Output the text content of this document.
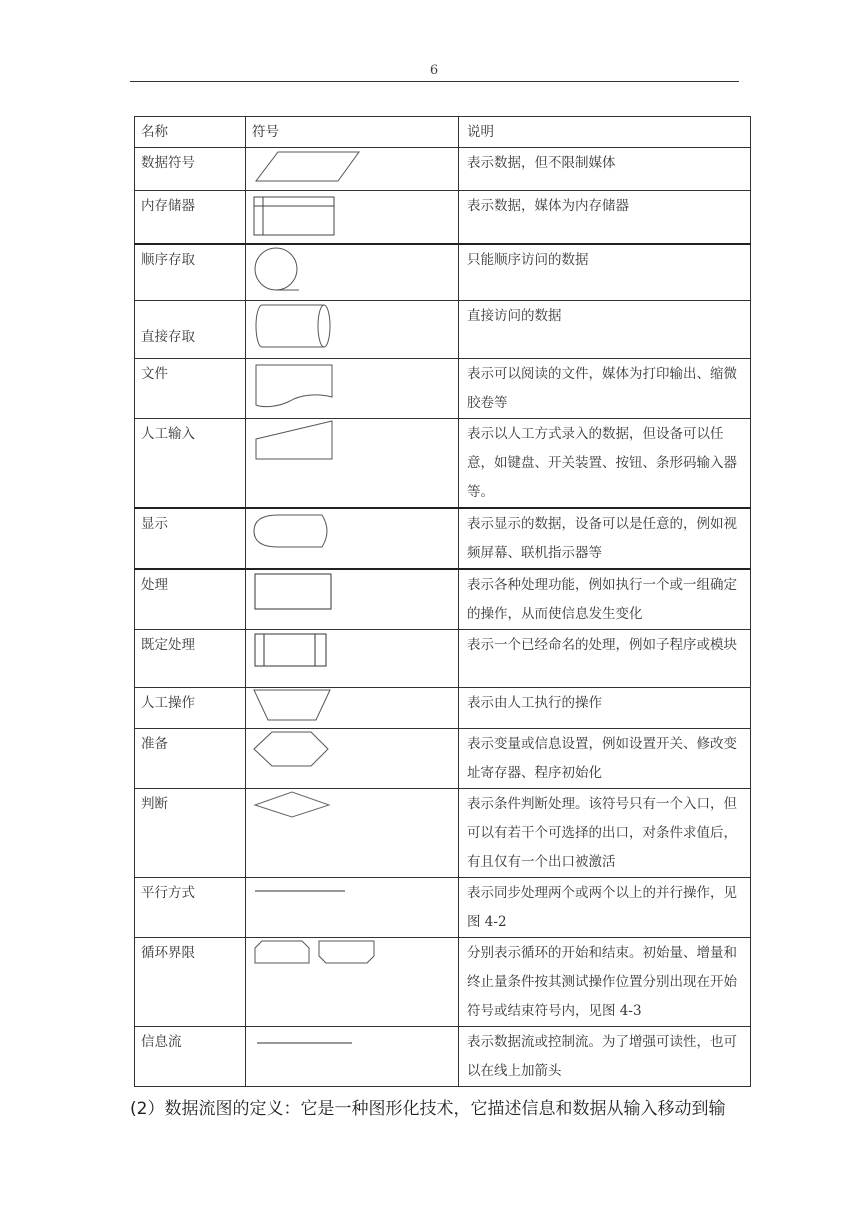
6
名称	符号	说明
数据符号		表示数据，但不限制媒体
内存储器		表示数据，媒体为内存储器
顺序存取		只能顺序访问的数据
直接存取		直接访问的数据
文件		表示可以阅读的文件，媒体为打印输出、缩微胶卷等
人工输入		表示以人工方式录入的数据，但设备可以任意，如键盘、开关装置、按钮、条形码输入器等。
显示		表示显示的数据，设备可以是任意的，例如视频屏幕、联机指示器等
处理		表示各种处理功能，例如执行一个或一组确定的操作，从而使信息发生变化
既定处理		表示一个已经命名的处理，例如子程序或模块
人工操作		表示由人工执行的操作
准备		表示变量或信息设置，例如设置开关、修改变址寄存器、程序初始化
判断		表示条件判断处理。该符号只有一个入口，但可以有若干个可选择的出口，对条件求值后，有且仅有一个出口被激活
平行方式		表示同步处理两个或两个以上的并行操作，见图 4-2
循环界限		分别表示循环的开始和结束。初始量、增量和终止量条件按其测试操作位置分别出现在开始符号或结束符号内，见图 4-3
信息流		表示数据流或控制流。为了增强可读性，也可以在线上加箭头
(2）数据流图的定义：它是一种图形化技术，它描述信息和数据从输入移动到输
